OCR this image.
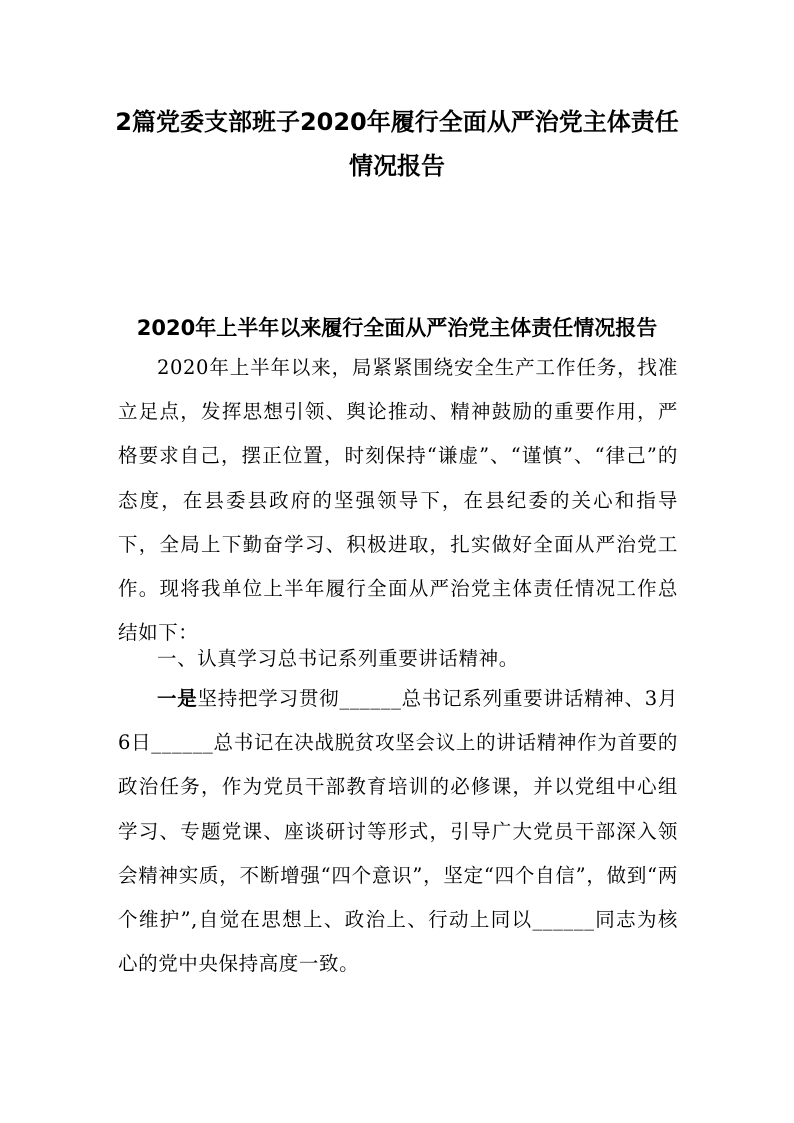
2篇党委支部班子2020年履行全面从严治党主体责任情况报告
2020年上半年以来履行全面从严治党主体责任情况报告

2020年上半年以来，局紧紧围绕安全生产工作任务，找准立足点，发挥思想引领、舆论推动、精神鼓励的重要作用，严格要求自己，摆正位置，时刻保持“谦虚”、“谨慎”、“律己”的态度，在县委县政府的坚强领导下，在县纪委的关心和指导下，全局上下勤奋学习、积极进取，扎实做好全面从严治党工作。现将我单位上半年履行全面从严治党主体责任情况工作总结如下：

一、认真学习总书记系列重要讲话精神。

一是坚持把学习贯彻______总书记系列重要讲话精神、3月6日______总书记在决战脱贫攻坚会议上的讲话精神作为首要的政治任务，作为党员干部教育培训的必修课，并以党组中心组学习、专题党课、座谈研讨等形式，引导广大党员干部深入领会精神实质，不断增强“四个意识”，坚定“四个自信”，做到“两个维护”,自觉在思想上、政治上、行动上同以______同志为核心的党中央保持高度一致。
